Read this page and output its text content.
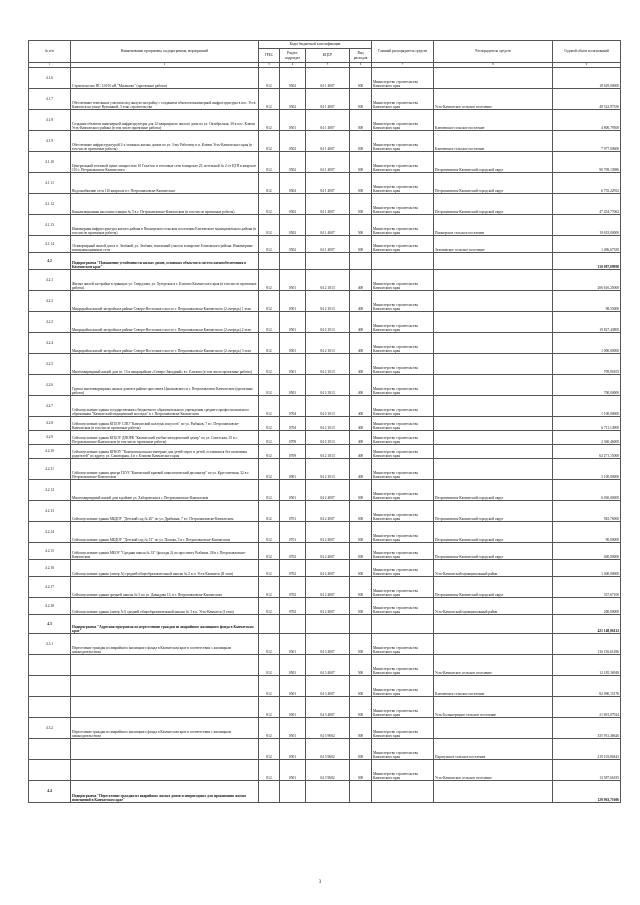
№ п/п	Наименование программы, подпрограммы, мероприятий	Коды бюджетной классификации				Главный распорядитель средств	Распорядитель средств	Годовой объем ассигнований
		ГРБС	Раздел, подраздел	КЦСР	Вид расходов			
1	2	3	4	5	6	7	8	9
4.1.6	Строительство ПС 110/10 кВ "Мильково" (проектные работы)	812	0502	04 1 4007	500	Министерство строительства Камчатского края		18 629,00000
4.1.7	Обеспечение земельных участков под жилую застройку с созданием объектов инженерной инфраструктуры в пос. Усть-Камчатск на улице Вулканной, 3 этап строительства	812	0502	04 1 4007	500	Министерство строительства Камчатского края	Усть-Камчатское сельское поселение	48 522,97350
4.1.8	Создание объектов инженерной инфраструктуры для 12-квартирного жилого дома по ул. Октябрьская, 30 в пос. Ключи Усть-Камчатского района (в том числе проектные работы)	812	0501	04 1 4007	500	Министерство строительства Камчатского края	Ключевское сельское поселение	4 800,79500
4.1.9	Обеспечение инфраструктурой 2-х этажных жилых домов по ул. 3-му Рабочему в п. Ключи Усть-Камчатского края (в том числе проектные работы)	812	0502	04 1 4007	500	Министерство строительства Камчатского края	Ключевское сельское поселение	7 977,00600
4.1.10	Центральный тепловой пункт мощностью 10 Гкал/час и тепловые сети в квартале 25, котельной № 2 от ЦТП в квартале 110 г. Петропавловск-Камчатского	812	0502	04 1 4007	500	Министерство строительства Камчатского края	Петропавловск-Камчатский городской округ	90 709,13986
4.1.11	Водоснабжение сети 110 квартала в г. Петропавловске-Камчатском	812	0502	04 1 4007	500	Министерство строительства Камчатского края	Петропавловск-Камчатский городской округ	6 755,22952
4.1.12	Канализационная насосная станция № 5 в г. Петропавловске-Камчатском (в том числе проектные работы)	812	0502	04 1 4007	500	Министерство строительства Камчатского края	Петропавловск-Камчатский городской округ	47 454,77062
4.1.13	Инженерная инфраструктура жилого района в Пионерском сельском поселении Елизовского муниципального района (в том числе проектные работы)	812	0502	04 1 4007	500	Министерство строительства Камчатского края	Пионерское сельское поселение	19 633,00000
4.1.14	16-квартирный жилой дом в п. Зелёный, ул. Зелёная, земельный участок в квартале Елизовского района. Инженерные коммуникационные сети	812	0502	04 1 4007	500	Министерство строительства Камчатского края	Зеленовское сельское поселение	1 496,67350
4.2	Подпрограмма "Повышение устойчивости жилых домов, основных объектов и систем жизнеобеспечения в Камчатском крае"							310 087,09998
4.2.1	Жилые жилой застройки в границах ул. Свердлова, ул. Хуторская в г. Елизово Камчатского края (в том числе проектные работы)	812	0501	04 2 1013	400	Министерство строительства Камчатского края		206 616,25000
4.2.2	Микрорайон жилой застройки в районе Северо-Восточного шоссе г. Петропавловска-Камчатского (2 очередь) 1 этап	812	0501	04 2 1013	400	Министерство строительства Камчатского края		98,35000
4.2.3	Микрорайон жилой застройки в районе Северо-Восточного шоссе г. Петропавловска-Камчатского (2 очередь) 2 этап	812	0501	04 2 1013	400	Министерство строительства Камчатского края		19 827,43800
4.2.4	Микрорайон жилой застройки в районе Северо-Восточного шоссе г. Петропавловска-Камчатского (2 очередь) 3 этап	812	0501	04 2 1013	400	Министерство строительства Камчатского края		1 000,00000
4.2.5	Многоквартирный жилой дом гп. 15 в микрорайоне «Северо-Западный» в г. Елизово (в том числе проектные работы)	812	0501	04 2 1013	400	Министерство строительства Камчатского края		709,90105
4.2.6	Группа многоквартирных жилых домов в районе проспекта Циолковского в г. Петропавловск-Камчатском (проектные работы)	812	0501	04 2 1013	400	Министерство строительства Камчатского края		700,00000
4.2.7	Сейсмоусиление здания государственного бюджетного образовательного учреждения среднего профессионального образования "Камчатский медицинский колледж" в г. Петропавловске-Камчатском	812	0704	04 2 1013	400	Министерство строительства Камчатского края		1 100,00000
4.2.8	Сейсмоусиление здания КГБОУ СПО "Камчатский колледж искусств" по ул. Рыбаков, 7 в г. Петропавловске-Камчатском (в том числе проектные работы)	812	0704	04 2 1013	400	Министерство строительства Камчатского края		6 711,14900
4.2.9	Сейсмоусиление здания КГБОУ ДПОРК "Камчатский учебно-методический центр" по ул. Советская, 35 в г. Петропавловске-Камчатском (в том числе проектные работы)	812	0709	04 2 1013	400	Министерство строительства Камчатского края		2 360,46000
4.2.10	Сейсмоусиление здания КГКОУ "Камчатская школа-интернат для детей-сирот и детей, оставшихся без попечения родителей" по адресу ул. Санаторная, 4 в г. Елизово Камчатского края	812	0709	04 2 1013	400	Министерство строительства Камчатского края		62 271,15000
4.2.11	Сейсмоусиление здания центра ГБУЗ "Камчатский краевой онкологический диспансер" по ул. Кругосветная, 32 в г. Петропавловске-Камчатском	812	0901	04 2 1013	400	Министерство строительства Камчатского края		3 100,00000
4.2.12	Многоквартирный жилой дом в районе ул. Хабаровская в г. Петропавловске-Камчатском	812	0501	04 2 4007	500	Министерство строительства Камчатского края	Петропавловск-Камчатский городской округ	6 030,00000
4.2.13	Сейсмоусиление здания МБДОУ "Детский сад № 20" по ул. Драбкина, 7 в г. Петропавловске-Камчатском	812	0701	04 2 4007	500	Министерство строительства Камчатского края	Петропавловск-Камчатский городской округ	945,76000
4.2.14	Сейсмоусиление здания МБДОУ "Детский сад № 51" по ул. Попова, 5 в г. Петропавловске-Камчатском	812	0701	04 2 4007	500	Министерство строительства Камчатского края	Петропавловск-Камчатский городской округ	90,00000
4.2.15	Сейсмоусиление здания МБОУ "Средняя школа № 33" (фасады 2) по проспекту Рыбаков, 28 в г. Петропавловске-Камчатском	812	0702	04 2 4007	500	Министерство строительства Камчатского края	Петропавловск-Камчатский городской округ	400,00000
4.2.16	Сейсмоусиление здания (литер А) средней общеобразовательной школы № 2 в п. Усть-Камчатск (II этап)	812	0702	04 2 4007	500	Министерство строительства Камчатского края	Усть-Камчатский муниципальный район	1 400,00000
4.2.17	Сейсмоусиление здания средней школы № 5 по ул. Давыдова 13, в г. Петропавловске-Камчатском	812	0702	04 2 4007	500	Министерство строительства Камчатского края	Петропавловск-Камчатский городской округ	337,67100
4.2.18	Сейсмоусиление здания (литер А1) средней общеобразовательной школы № 3 в п. Усть-Камчатск (I этап)	812	0702	04 2 4007	500	Министерство строительства Камчатского края	Усть-Камчатский муниципальный район	200,00000
4.3	Подпрограмма "Адресная программа по переселению граждан из аварийного жилищного фонда в Камчатском крае"							421 148,06122
4.3.1	Переселение граждан из аварийного жилищного фонда в Камчатском крае в соответствии с жилищным законодательством	812	0501	04 3 4007	500	Министерство строительства Камчатского края		116 156,61496
		812	0501	04 3 4007	500	Министерство строительства Камчатского края	Усть-Камчатское сельское поселение	12 185,36948
		812	0501	04 3 4007	500	Министерство строительства Камчатского края	Ключевское сельское поселение	82 090,15176
		812	0501	04 3 4007	500	Министерство строительства Камчатского края	Усть-Большерецкое сельское поселение	21 691,07924
4.3.2	Переселение граждан из аварийного жилищного фонда в Камчатском крае в соответствии с жилищным законодательством	812	0501	04 3 9602	500	Министерство строительства Камчатского края		335 931,46626
		812	0501	04 3 9602	500	Министерство строительства Камчатского края	Паратунское сельское поселение	219 103,80443
		812	0501	04 3 9602	500	Министерство строительства Камчатского края	Усть-Камчатское сельское поселение	13 587,66183
4.4	Подпрограмма "Переселение граждан из аварийных жилых домов и непригодных для проживания жилых помещений в Камчатском крае"							129 963,71606
3
